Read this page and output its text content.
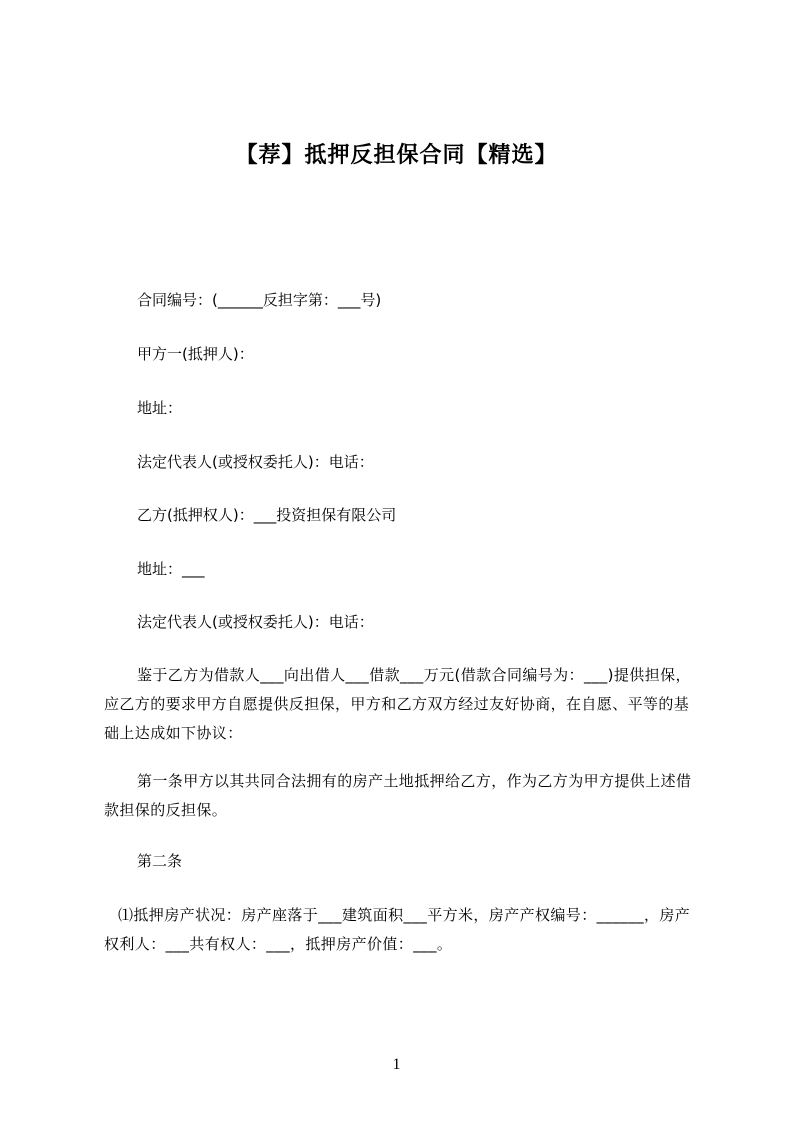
【荐】抵押反担保合同【精选】
合同编号：(______反担字第：___号)
甲方一(抵押人)：
地址：
法定代表人(或授权委托人)：电话：
乙方(抵押权人)：___投资担保有限公司
地址：___
法定代表人(或授权委托人)：电话：
鉴于乙方为借款人___向出借人___借款___万元(借款合同编号为：___)提供担保，应乙方的要求甲方自愿提供反担保，甲方和乙方双方经过友好协商，在自愿、平等的基础上达成如下协议：
第一条甲方以其共同合法拥有的房产土地抵押给乙方，作为乙方为甲方提供上述借款担保的反担保。
第二条
⑴抵押房产状况：房产座落于___建筑面积___平方米，房产产权编号：______，房产权利人：___共有权人：___，抵押房产价值：___。
1
